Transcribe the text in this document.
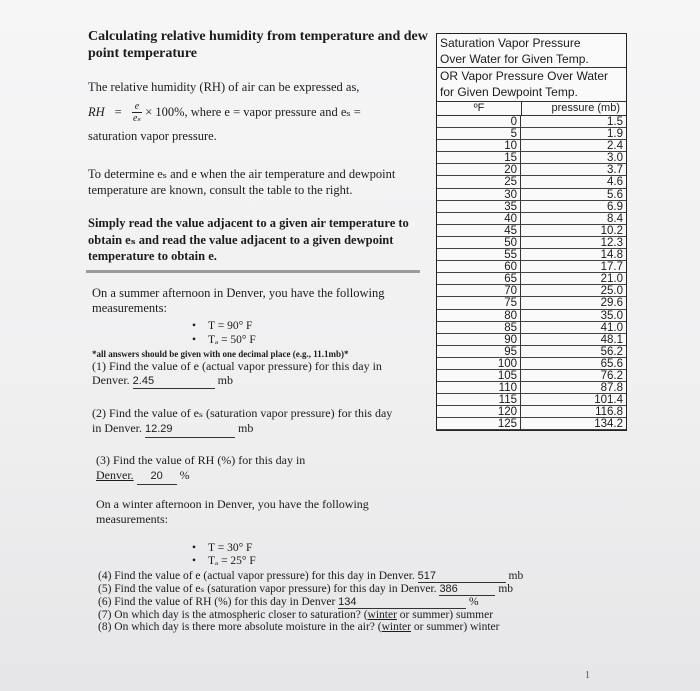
Calculating relative humidity from temperature and dew point temperature
The relative humidity (RH) of air can be expressed as,
RH = $\frac{e}{\text{eₛ}} \times 100\%$, where e = vapor pressure and eₛ =
saturation vapor pressure.
To determine eₛ and e when the air temperature and dewpoint temperature are known, consult the table to the right.
Simply read the value adjacent to a given air temperature to obtain eₛ and read the value adjacent to a given dewpoint temperature to obtain e.
On a summer afternoon in Denver, you have the following measurements:
• T = 90° F
• Tₐ = 50° F
*all answers should be given with one decimal place (e.g., 11.1mb)*
(1) Find the value of e (actual vapor pressure) for this day in Denver. 2.45	mb
(2) Find the value of eₛ (saturation vapor pressure) for this day in Denver. 12.29	mb
(3) Find the value of RH (%) for this day in
Denver. 20 %
On a winter afternoon in Denver, you have the following measurements:
• T = 30° F
• Tₐ = 25° F
(4) Find the value of e (actual vapor pressure) for this day in Denver. 517	mb
(5) Find the value of eₛ (saturation vapor pressure) for this day in Denver. 386	mb
(6) Find the value of RH (%) for this day in Denver 134	%
(7) On which day is the atmospheric closer to saturation? (winter or summer) summer
(8) On which day is there more absolute moisture in the air? (winter or summer) winter
Saturation Vapor Pressure
Over Water for Given Temp.
OR Vapor Pressure Over Water
for Given Dewpoint Temp.
ºF	pressure (mb)
0	1.5
5	1.9
10	2.4
15	3.0
20	3.7
25	4.6
30	5.6
35	6.9
40	8.4
45	10.2
50	12.3
55	14.8
60	17.7
65	21.0
70	25.0
75	29.6
80	35.0
85	41.0
90	48.1
95	56.2
100	65.6
105	76.2
110	87.8
115	101.4
120	116.8
125	134.2
1
